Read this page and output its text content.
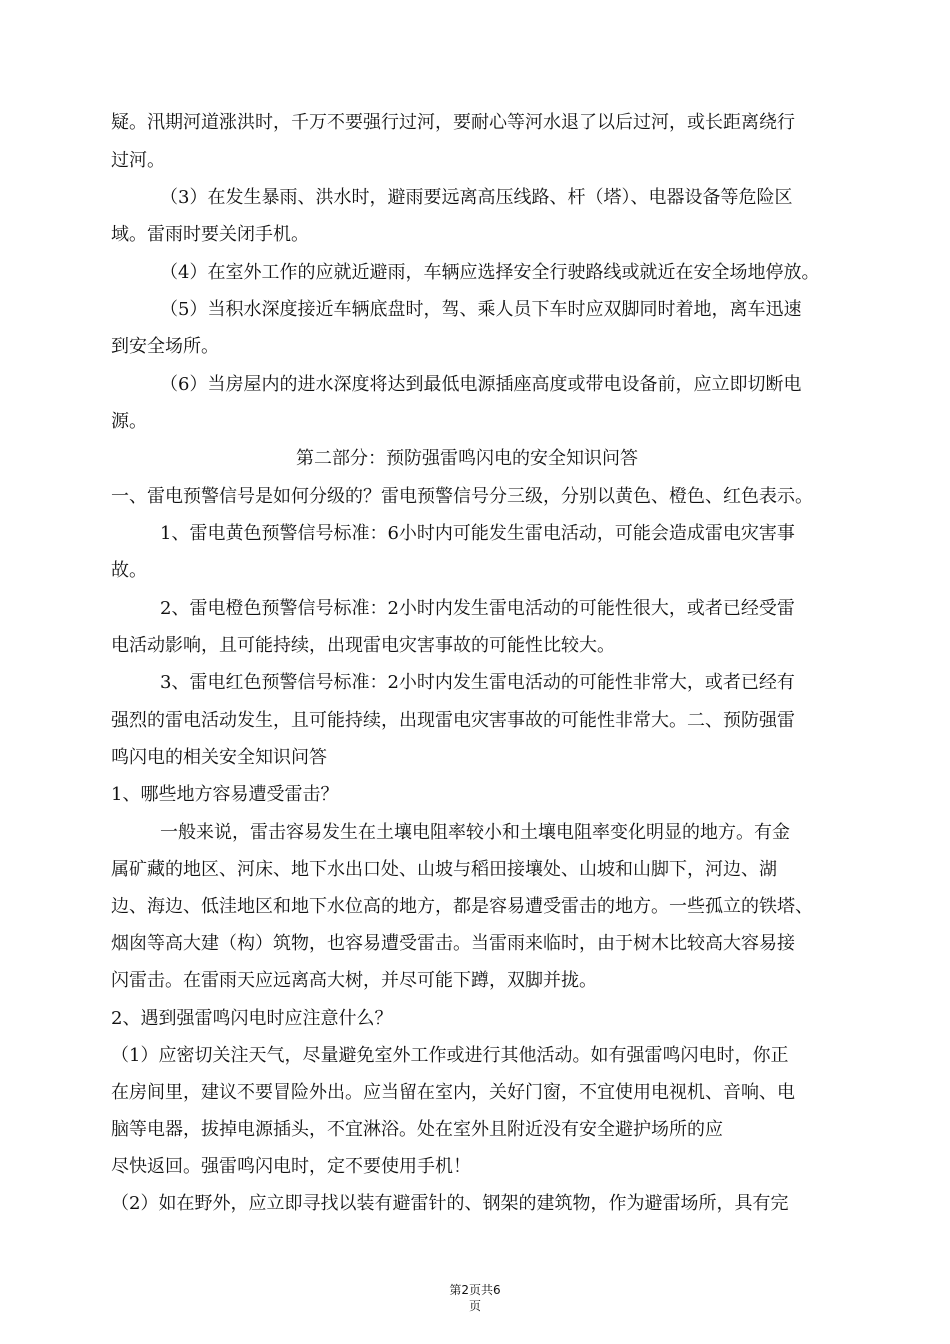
疑。汛期河道涨洪时，千万不要强行过河，要耐心等河水退了以后过河，或长距离绕行
过河。
（3）在发生暴雨、洪水时，避雨要远离高压线路、杆（塔）、电器设备等危险区
域。雷雨时要关闭手机。
（4）在室外工作的应就近避雨，车辆应选择安全行驶路线或就近在安全场地停放。
（5）当积水深度接近车辆底盘时，驾、乘人员下车时应双脚同时着地，离车迅速
到安全场所。
（6）当房屋内的进水深度将达到最低电源插座高度或带电设备前，应立即切断电
源。
第二部分：预防强雷鸣闪电的安全知识问答
一、雷电预警信号是如何分级的？雷电预警信号分三级，分别以黄色、橙色、红色表示。
1、雷电黄色预警信号标准：6小时内可能发生雷电活动，可能会造成雷电灾害事
故。
2、雷电橙色预警信号标准：2小时内发生雷电活动的可能性很大，或者已经受雷
电活动影响，且可能持续，出现雷电灾害事故的可能性比较大。
3、雷电红色预警信号标准：2小时内发生雷电活动的可能性非常大，或者已经有
强烈的雷电活动发生，且可能持续，出现雷电灾害事故的可能性非常大。二、预防强雷
鸣闪电的相关安全知识问答
1、哪些地方容易遭受雷击？
一般来说，雷击容易发生在土壤电阻率较小和土壤电阻率变化明显的地方。有金
属矿藏的地区、河床、地下水出口处、山坡与稻田接壤处、山坡和山脚下，河边、湖
边、海边、低洼地区和地下水位高的地方，都是容易遭受雷击的地方。一些孤立的铁塔、
烟囱等高大建（构）筑物，也容易遭受雷击。当雷雨来临时，由于树木比较高大容易接
闪雷击。在雷雨天应远离高大树，并尽可能下蹲，双脚并拢。
2、遇到强雷鸣闪电时应注意什么？
（1）应密切关注天气，尽量避免室外工作或进行其他活动。如有强雷鸣闪电时，你正
在房间里，建议不要冒险外出。应当留在室内，关好门窗，不宜使用电视机、音响、电
脑等电器，拔掉电源插头，不宜淋浴。处在室外且附近没有安全避护场所的应
尽快返回。强雷鸣闪电时，定不要使用手机！
（2）如在野外，应立即寻找以装有避雷针的、钢架的建筑物，作为避雷场所，具有完
第2页共6
页
